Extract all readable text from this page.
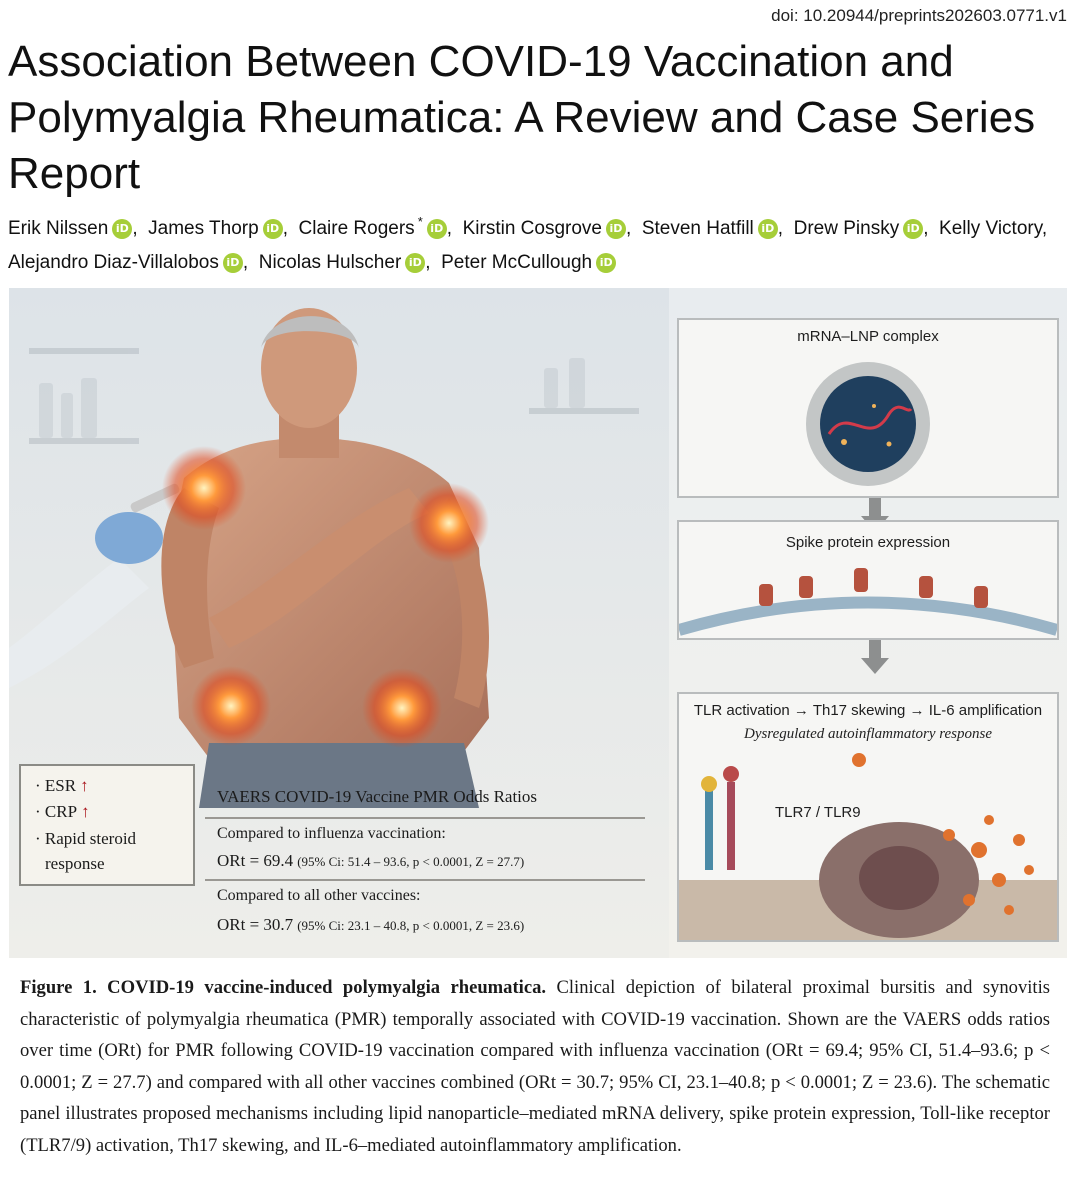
doi: 10.20944/preprints202603.0771.v1
Association Between COVID-19 Vaccination and Polymyalgia Rheumatica: A Review and Case Series Report
Erik Nilssen iD ,  James Thorp iD ,  Claire Rogers * iD ,  Kirstin Cosgrove iD ,  Steven Hatfill iD ,  Drew Pinsky iD ,  Kelly Victory,  Alejandro Diaz-Villalobos iD ,  Nicolas Hulscher iD ,  Peter McCullough iD
· ESR ↑
· CRP ↑
· Rapid steroid
response
VAERS COVID-19 Vaccine PMR Odds Ratios
Compared to influenza vaccination:
ORt = 69.4 (95% Ci: 51.4 – 93.6, p < 0.0001, Z = 27.7)
Compared to all other vaccines:
ORt = 30.7 (95% Ci: 23.1 – 40.8, p < 0.0001, Z = 23.6)
mRNA–LNP complex
Spike protein expression
TLR activation → Th17 skewing → IL-6 amplification
Dysregulated autoinflammatory response
TLR7 / TLR9

Figure 1. COVID-19 vaccine-induced polymyalgia rheumatica. Clinical depiction of bilateral proximal bursitis and synovitis characteristic of polymyalgia rheumatica (PMR) temporally associated with COVID-19 vaccination. Shown are the VAERS odds ratios over time (ORt) for PMR following COVID-19 vaccination compared with influenza vaccination (ORt = 69.4; 95% CI, 51.4–93.6; p < 0.0001; Z = 27.7) and compared with all other vaccines combined (ORt = 30.7; 95% CI, 23.1–40.8; p < 0.0001; Z = 23.6). The schematic panel illustrates proposed mechanisms including lipid nanoparticle–mediated mRNA delivery, spike protein expression, Toll-like receptor (TLR7/9) activation, Th17 skewing, and IL-6–mediated autoinflammatory amplification.
